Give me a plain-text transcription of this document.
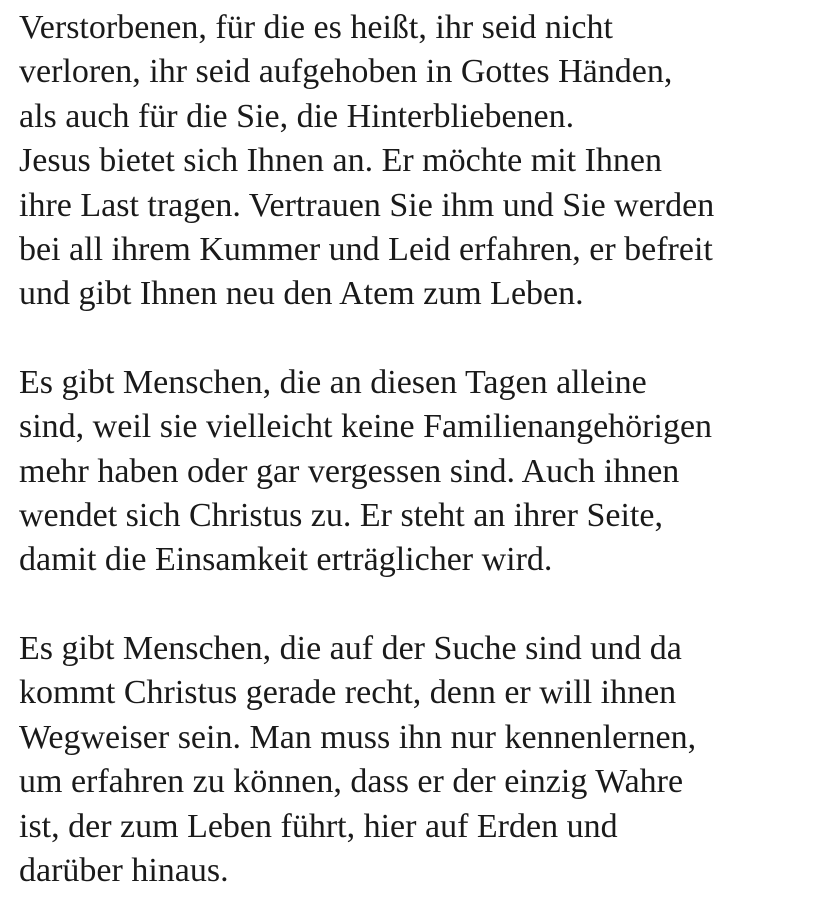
Verstorbenen, für die es heißt, ihr seid nicht
verloren, ihr seid aufgehoben in Gottes Händen,
als auch für die Sie, die Hinterbliebenen.
Jesus bietet sich Ihnen an. Er möchte mit Ihnen
ihre Last tragen. Vertrauen Sie ihm und Sie werden
bei all ihrem Kummer und Leid erfahren, er befreit
und gibt Ihnen neu den Atem zum Leben.

Es gibt Menschen, die an diesen Tagen alleine
sind, weil sie vielleicht keine Familienangehörigen
mehr haben oder gar vergessen sind. Auch ihnen
wendet sich Christus zu. Er steht an ihrer Seite,
damit die Einsamkeit erträglicher wird.

Es gibt Menschen, die auf der Suche sind und da
kommt Christus gerade recht, denn er will ihnen
Wegweiser sein. Man muss ihn nur kennenlernen,
um erfahren zu können, dass er der einzig Wahre
ist, der zum Leben führt, hier auf Erden und
darüber hinaus.
